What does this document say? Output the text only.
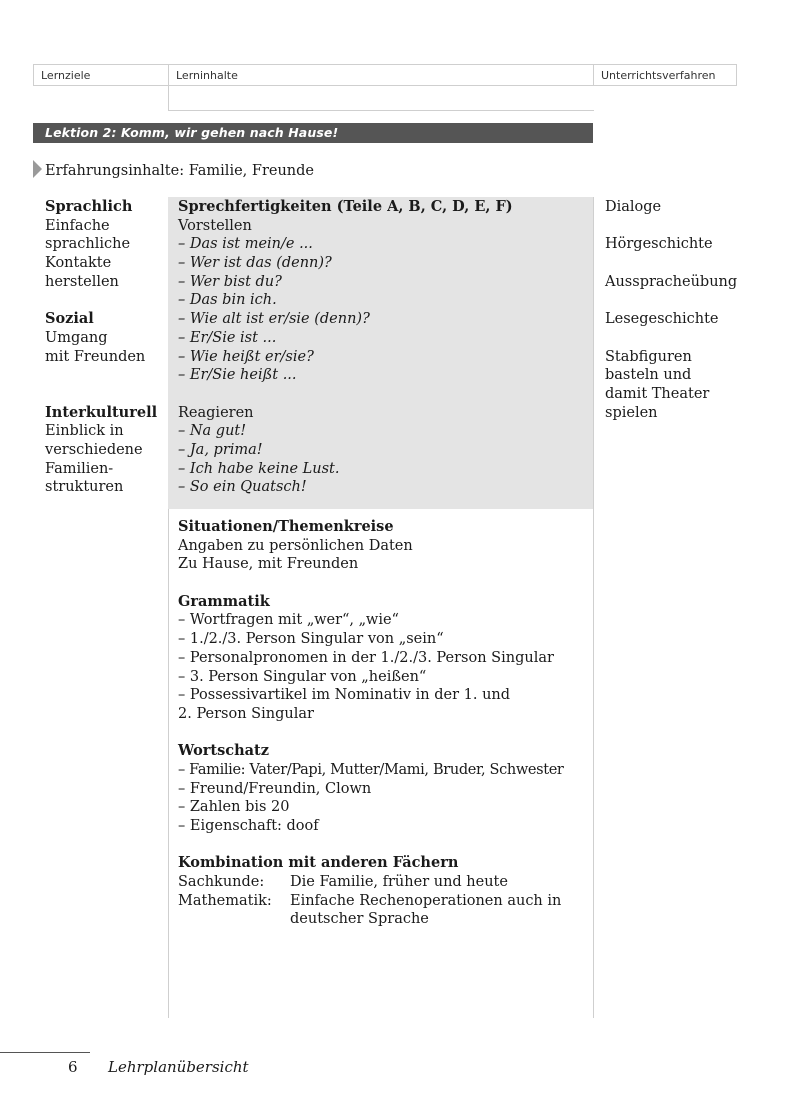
Lernziele	Lerninhalte	Unterrichtsverfahren
Lektion 2: Komm, wir gehen nach Hause!
Erfahrungsinhalte: Familie, Freunde
Sprachlich
Einfache
sprachliche
Kontakte
herstellen
Sozial
Umgang
mit Freunden
Interkulturell
Einblick in
verschiedene
Familien-
strukturen
Sprechfertigkeiten (Teile A, B, C, D, E, F)
Vorstellen
– Das ist mein/e ...
– Wer ist das (denn)?
– Wer bist du?
– Das bin ich.
– Wie alt ist er/sie (denn)?
– Er/Sie ist ...
– Wie heißt er/sie?
– Er/Sie heißt ...
Reagieren
– Na gut!
– Ja, prima!
– Ich habe keine Lust.
– So ein Quatsch!
Situationen/Themenkreise
Angaben zu persönlichen Daten
Zu Hause, mit Freunden
Grammatik
– Wortfragen mit „wer“, „wie“
– 1./2./3. Person Singular von „sein“
– Personalpronomen in der 1./2./3. Person Singular
– 3. Person Singular von „heißen“
– Possessivartikel im Nominativ in der 1. und
2. Person Singular
Wortschatz
– Familie: Vater/Papi, Mutter/Mami, Bruder, Schwester
– Freund/Freundin, Clown
– Zahlen bis 20
– Eigenschaft: doof
Kombination mit anderen Fächern
Sachkunde: Die Familie, früher und heute
Mathematik: Einfache Rechenoperationen auch in
deutscher Sprache
Dialoge
Hörgeschichte
Ausspracheübung
Lesegeschichte
Stabfiguren
basteln und
damit Theater
spielen
6 Lehrplanübersicht
